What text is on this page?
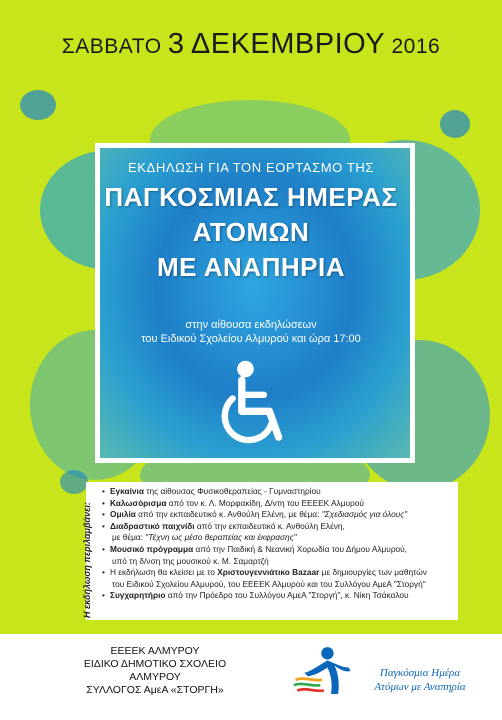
ΣΑΒΒΑΤΟ 3 ΔΕΚΕΜΒΡΙΟΥ 2016
ΕΚΔΗΛΩΣΗ ΓΙΑ ΤΟΝ ΕΟΡΤΑΣΜΟ ΤΗΣ
ΠΑΓΚΟΣΜΙΑΣ ΗΜΕΡΑΣ
ΑΤΟΜΩΝ
ΜΕ ΑΝΑΠΗΡΙΑ
στην αίθουσα εκδηλώσεων
του Ειδικού Σχολείου Αλμυρού και ώρα 17:00
Η εκδήλωση περιλαμβάνει:
• Εγκαίνια της αίθουσας Φυσικοθεραπείας - Γυμναστηρίου
• Καλωσόρισμα από τον κ. Λ. Μορφακίδη, Δ/ντη του ΕΕΕΕΚ Αλμυρού
• Ομιλία από την εκπαιδευτικό κ. Ανθούλη Ελένη, με θέμα: "Σχεδιασμός για όλους"
• Διαδραστικό παιχνίδι από την εκπαιδευτικό κ. Ανθούλη Ελένη,
με θέμα: "Τέχνη ως μέσο θεραπείας και έκφρασης"
• Μουσικό πρόγραμμα από την Παιδική & Νεανική Χορωδία του Δήμου Αλμυρού,
υπό τη δ/νση της μουσικού κ. Μ. Σαμαρτζή
• Η εκδήλωση θα κλείσει με το Χριστουγεννιάτικο Bazaar με δημιουργίες των μαθητών
του Ειδικού Σχολείου Αλμυρού, του ΕΕΕΕΚ Αλμυρού και του Συλλόγου ΑμεΑ "Στοργή"
• Συγχαρητήριο από την Πρόεδρο του Συλλόγου ΑμεΑ "Στοργή", κ. Νίκη Τσάκαλου
ΕΕΕΕΚ ΑΛΜΥΡΟΥ
ΕΙΔΙΚΟ ΔΗΜΟΤΙΚΟ ΣΧΟΛΕΙΟ ΑΛΜΥΡΟΥ
ΣΥΛΛΟΓΟΣ ΑμεΑ «ΣΤΟΡΓΗ»
Παγκόσμια Ημέρα
Ατόμων με Αναπηρία
